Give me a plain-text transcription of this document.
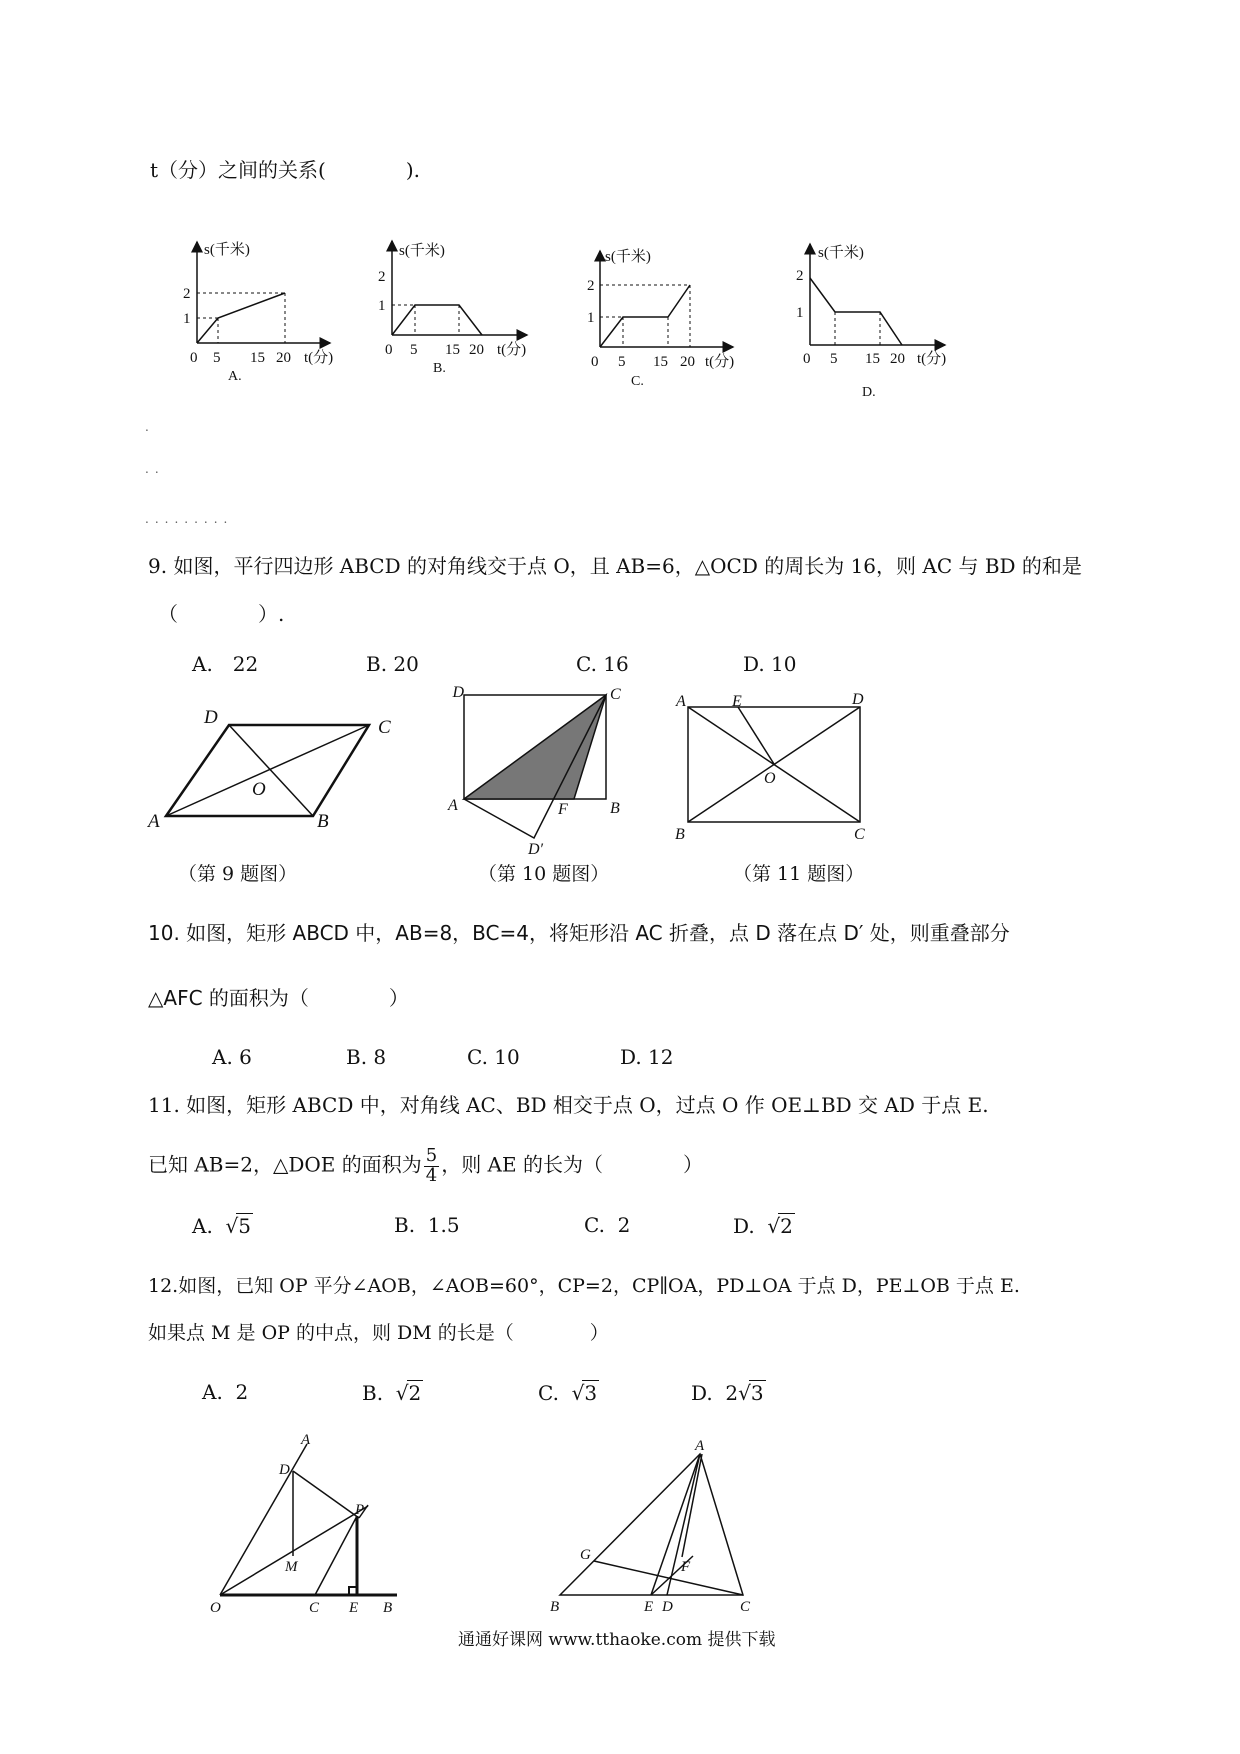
t（分）之间的关系(　　　　).
s(千米)
2
1
0 5 15 20 t(分)
A.
s(千米)
2
1
0 5 15 20 t(分)
B.
s(千米)
2
1
0 5 15 20 t(分)
C.
s(千米)
2
1
0 5 15 20 t(分)
D.
.
..
.........
9. 如图，平行四边形 ABCD 的对角线交于点 O，且 AB=6，△OCD 的周长为 16，则 AC 与 BD 的和是
（　　　　）.
A.　22	B. 20	C. 16	D. 10
A	B
C
D
O
D	C
A	B
F
D′
A	E	D
B	C
O
（第 9 题图）	（第 10 题图）	（第 11 题图）
10. 如图，矩形 ABCD 中，AB=8，BC=4，将矩形沿 AC 折叠，点 D 落在点 D′ 处，则重叠部分
△AFC 的面积为（　　　　）
A. 6	B. 8	C. 10	D. 12
11. 如图，矩形 ABCD 中，对角线 AC、BD 相交于点 O，过点 O 作 OE⊥BD 交 AD 于点 E.
已知 AB=2，△DOE 的面积为 $\frac{5}{4}$ ，则 AE 的长为（　　　　）
A. √5	B. 1.5	C. 2	D. √2
12.如图，已知 OP 平分∠AOB，∠AOB=60°，CP=2，CP∥OA，PD⊥OA 于点 D，PE⊥OB 于点 E.
如果点 M 是 OP 的中点，则 DM 的长是（　　　　）
A. 2	B.  √2	C.  √3	D. 2√3
A
D
P
M
O	C E B
A
G
F
B	E D	C
通通好课网 www.tthaoke.com 提供下载
